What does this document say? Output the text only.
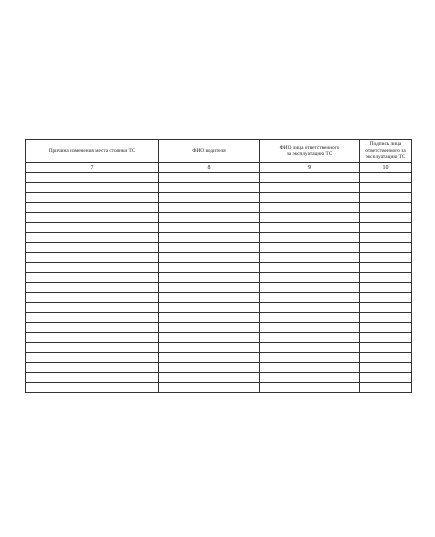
Причина изменения места стоянки ТС	ФИО водителя	ФИО лица ответственного
за эксплуатацию ТС	Подпись лица
ответственного за
эксплуатацию ТС
7	8	9	10
